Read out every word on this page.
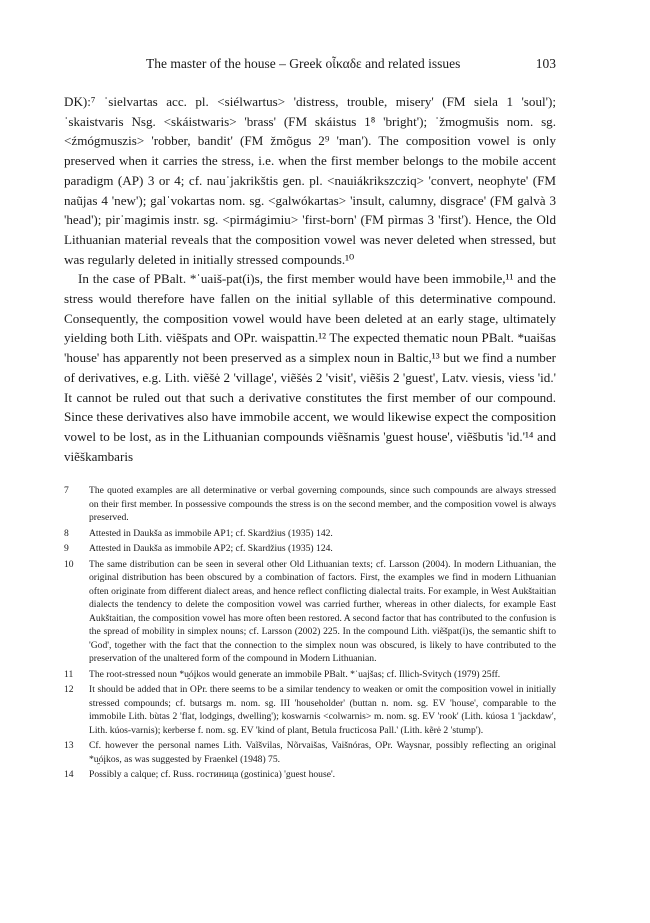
The master of the house – Greek οἶκαδε and related issues	103

DK):⁷ ˈsielvartas acc. pl. <siélwartus> 'distress, trouble, misery' (FM siela 1 'soul'); ˈskaistvaris Nsg. <skáistwaris> 'brass' (FM skáistus 1⁸ 'bright'); ˈžmogmušis nom. sg. <źmógmuszis> 'robber, bandit' (FM žmõgus 2⁹ 'man'). The composition vowel is only preserved when it carries the stress, i.e. when the first member belongs to the mobile accent paradigm (AP) 3 or 4; cf. nauˈjakrikštis gen. pl. <nauiákrikszcziq> 'convert, neophyte' (FM naũjas 4 'new'); galˈvokartas nom. sg. <galwókartas> 'insult, calumny, disgrace' (FM galvà 3 'head'); pirˈmagimis instr. sg. <pirmágimiu> 'first-born' (FM pìrmas 3 'first'). Hence, the Old Lithuanian material reveals that the composition vowel was never deleted when stressed, but was regularly deleted in initially stressed compounds.¹⁰

In the case of PBalt. *ˈuaiš-pat(i)s, the first member would have been immobile,¹¹ and the stress would therefore have fallen on the initial syllable of this determinative compound. Consequently, the composition vowel would have been deleted at an early stage, ultimately yielding both Lith. viẽšpats and OPr. waispattin.¹² The expected thematic noun PBalt. *uaišas 'house' has apparently not been preserved as a simplex noun in Baltic,¹³ but we find a number of derivatives, e.g. Lith. viẽšė 2 'village', viẽšės 2 'visit', viẽšis 2 'guest', Latv. viesis, viess 'id.' It cannot be ruled out that such a derivative constitutes the first member of our compound. Since these derivatives also have immobile accent, we would likewise expect the composition vowel to be lost, as in the Lithuanian compounds viẽšnamis 'guest house', viẽšbutis 'id.'¹⁴ and viẽškambaris

7	The quoted examples are all determinative or verbal governing compounds, since such compounds are always stressed on their first member. In possessive compounds the stress is on the second member, and the composition vowel is always preserved.
8	Attested in Daukša as immobile AP1; cf. Skardžius (1935) 142.
9	Attested in Daukša as immobile AP2; cf. Skardžius (1935) 124.
10	The same distribution can be seen in several other Old Lithuanian texts; cf. Larsson (2004). In modern Lithuanian, the original distribution has been obscured by a combination of factors. First, the examples we find in modern Lithuanian often originate from different dialect areas, and hence reflect conflicting dialectal traits. For example, in West Aukštaitian dialects the tendency to delete the composition vowel was carried further, whereas in other dialects, for example East Aukštaitian, the composition vowel has more often been restored. A second factor that has contributed to the confusion is the spread of mobility in simplex nouns; cf. Larsson (2002) 225. In the compound Lith. viẽšpat(i)s, the semantic shift to 'God', together with the fact that the connection to the simplex noun was obscured, is likely to have contributed to the preservation of the unaltered form of the compound in Modern Lithuanian.
11	The root-stressed noun *u̯óįkos would generate an immobile PBalt. *ˈuajšas; cf. Illich-Svitych (1979) 25ff.
12	It should be added that in OPr. there seems to be a similar tendency to weaken or omit the composition vowel in initially stressed compounds; cf. butsargs m. nom. sg. III 'householder' (buttan n. nom. sg. EV 'house', comparable to the immobile Lith. bùtas 2 'flat, lodgings, dwelling'); koswarnis <colwarnis> m. nom. sg. EV 'rook' (Lith. kúosa 1 'jackdaw', Lith. kúos-varnis); kerberse f. nom. sg. EV 'kind of plant, Betula fructicosa Pall.' (Lith. kẽrė 2 'stump').
13	Cf. however the personal names Lith. Vaĩšvilas, Nõrvaišas, Vaišnóras, OPr. Waysnar, possibly reflecting an original *u̯óįkos, as was suggested by Fraenkel (1948) 75.
14	Possibly a calque; cf. Russ. гостиница (gostinica) 'guest house'.
